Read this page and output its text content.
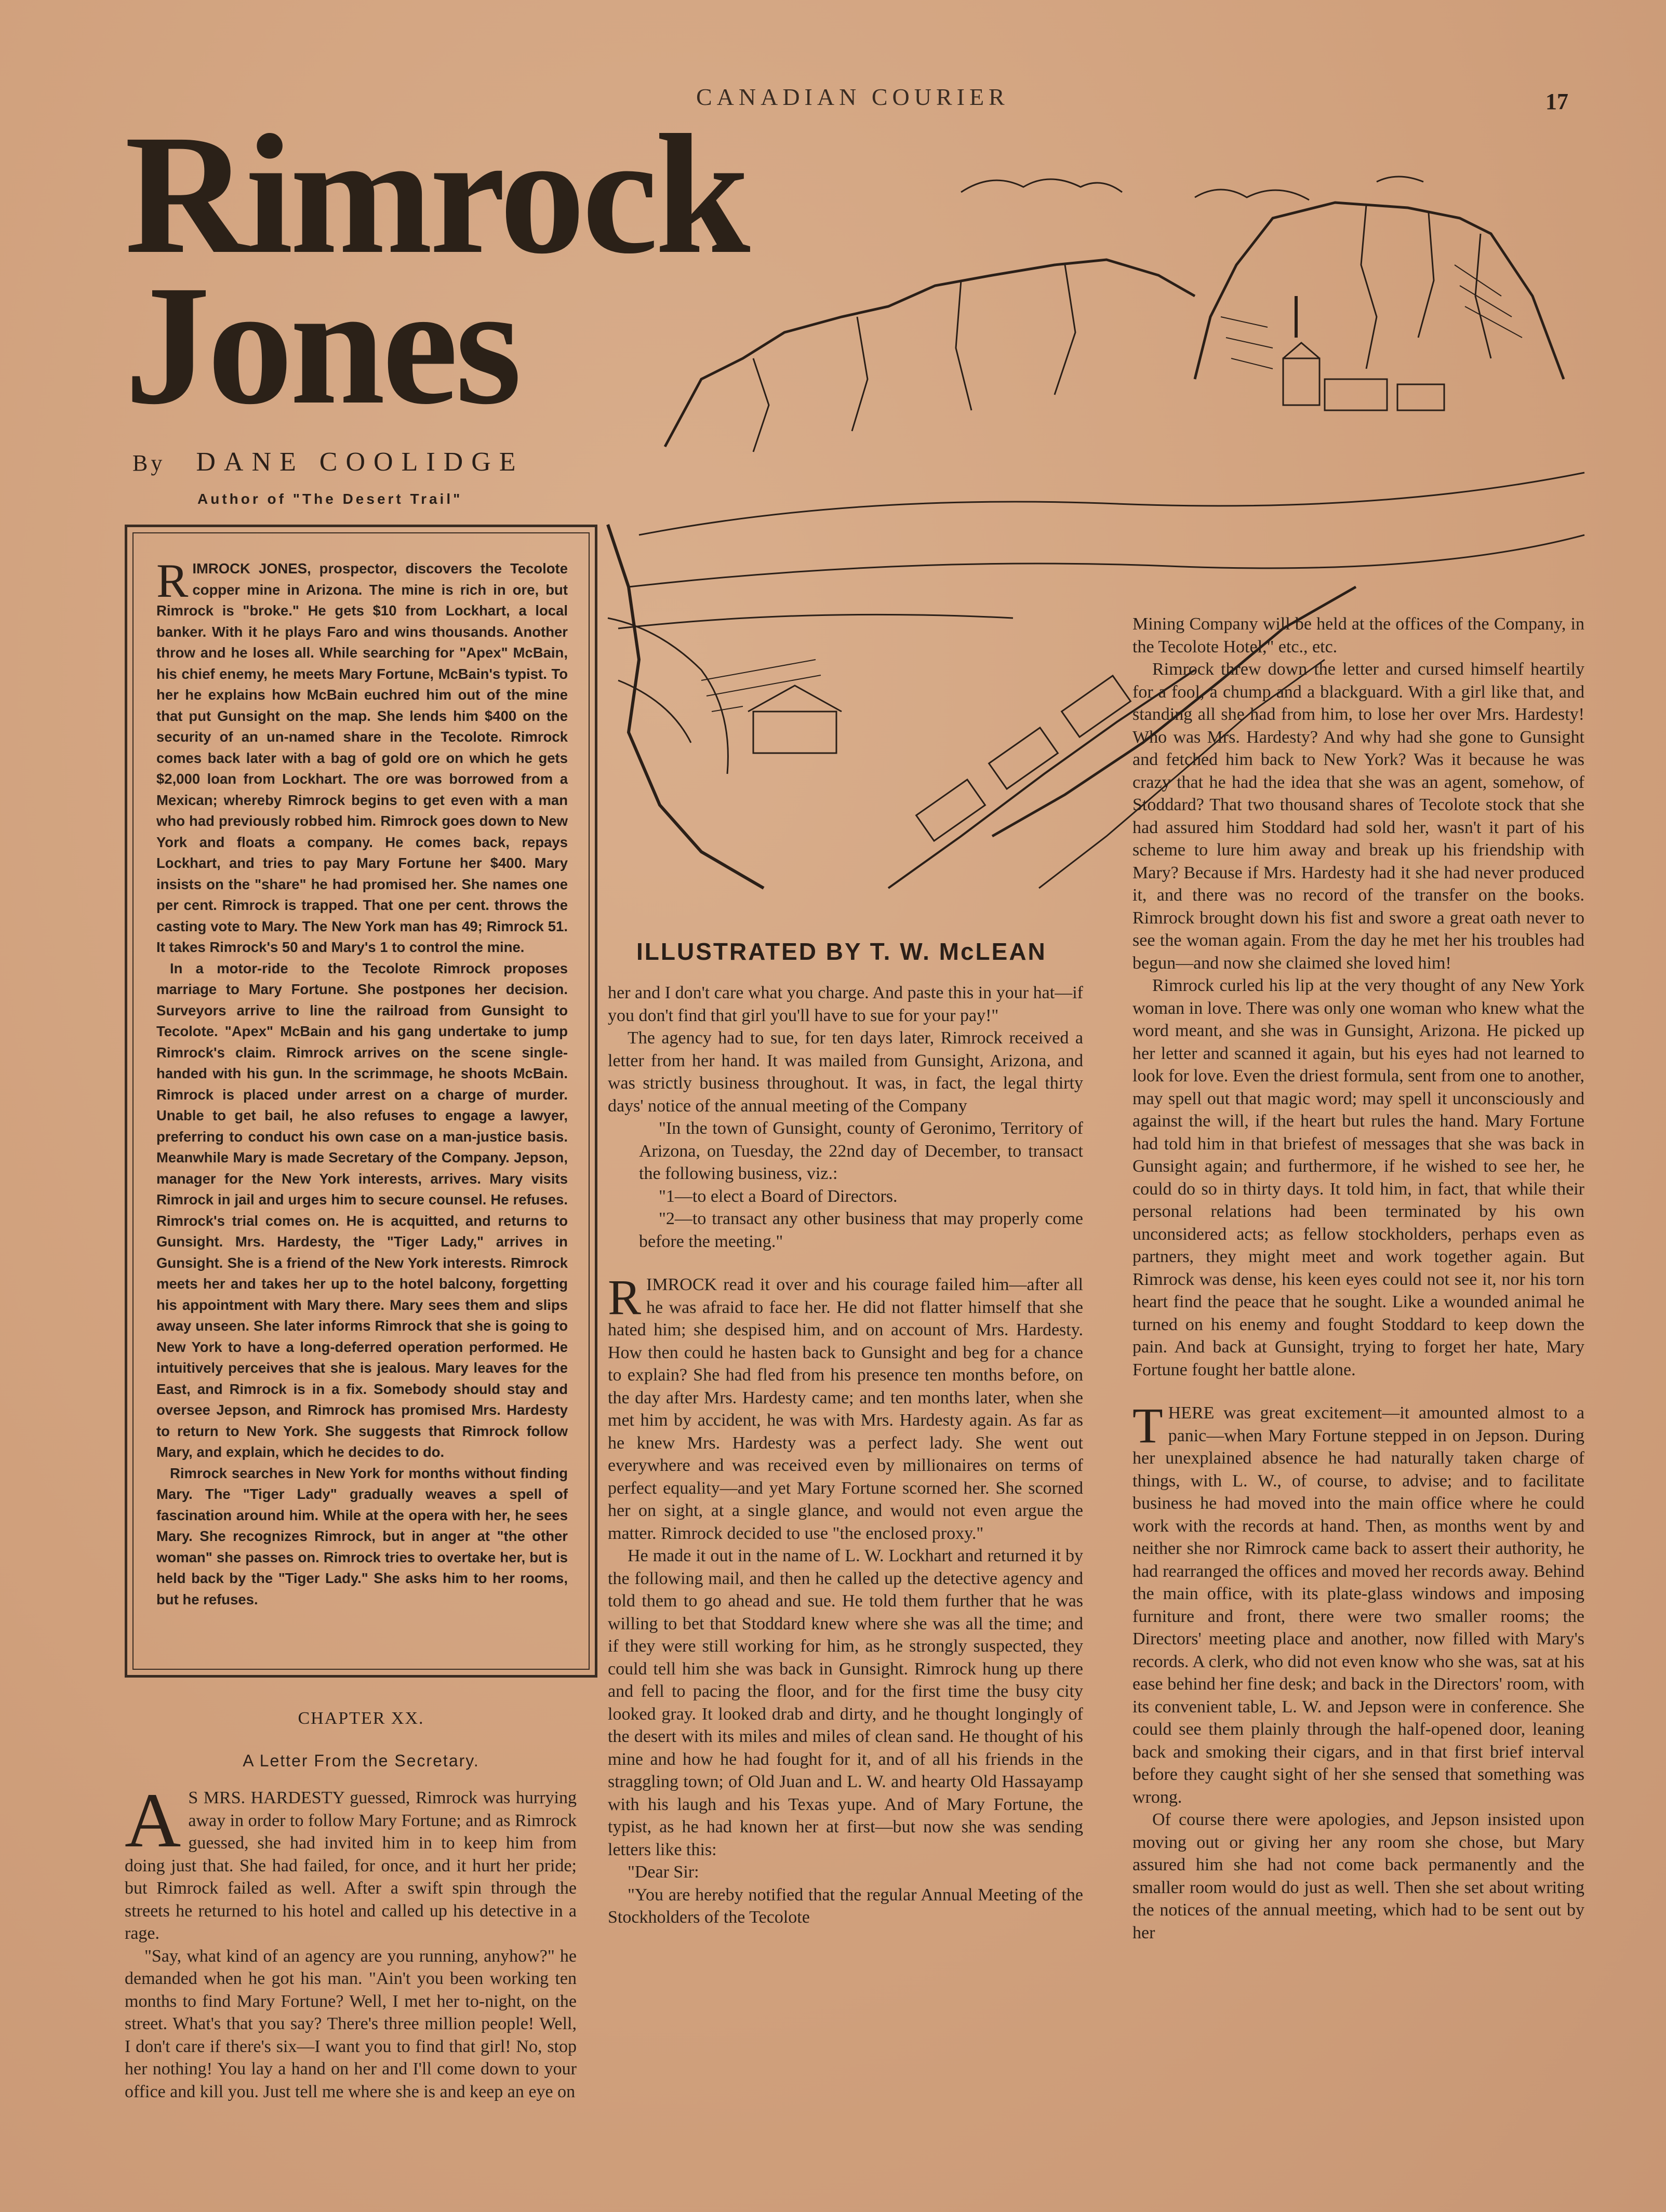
CANADIAN COURIER	17
Rimrock
Jones
By DANE COOLIDGE
Author of "The Desert Trail"
ILLUSTRATED BY T. W. McLEAN

RIMROCK JONES, prospector, discovers the Tecolote copper mine in Arizona. The mine is rich in ore, but Rimrock is "broke." He gets $10 from Lockhart, a local banker. With it he plays Faro and wins thousands. Another throw and he loses all. While searching for "Apex" McBain, his chief enemy, he meets Mary Fortune, McBain's typist. To her he explains how McBain euchred him out of the mine that put Gunsight on the map. She lends him $400 on the security of an un-named share in the Tecolote. Rimrock comes back later with a bag of gold ore on which he gets $2,000 loan from Lockhart. The ore was borrowed from a Mexican; whereby Rimrock begins to get even with a man who had previously robbed him. Rimrock goes down to New York and floats a company. He comes back, repays Lockhart, and tries to pay Mary Fortune her $400. Mary insists on the "share" he had promised her. She names one per cent. Rimrock is trapped. That one per cent. throws the casting vote to Mary. The New York man has 49; Rimrock 51. It takes Rimrock's 50 and Mary's 1 to control the mine.

In a motor-ride to the Tecolote Rimrock proposes marriage to Mary Fortune. She postpones her decision. Surveyors arrive to line the railroad from Gunsight to Tecolote. "Apex" McBain and his gang undertake to jump Rimrock's claim. Rimrock arrives on the scene single-handed with his gun. In the scrimmage, he shoots McBain. Rimrock is placed under arrest on a charge of murder. Unable to get bail, he also refuses to engage a lawyer, preferring to conduct his own case on a man-justice basis. Meanwhile Mary is made Secretary of the Company. Jepson, manager for the New York interests, arrives. Mary visits Rimrock in jail and urges him to secure counsel. He refuses. Rimrock's trial comes on. He is acquitted, and returns to Gunsight. Mrs. Hardesty, the "Tiger Lady," arrives in Gunsight. She is a friend of the New York interests. Rimrock meets her and takes her up to the hotel balcony, forgetting his appointment with Mary there. Mary sees them and slips away unseen. She later informs Rimrock that she is going to New York to have a long-deferred operation performed. He intuitively perceives that she is jealous. Mary leaves for the East, and Rimrock is in a fix. Somebody should stay and oversee Jepson, and Rimrock has promised Mrs. Hardesty to return to New York. She suggests that Rimrock follow Mary, and explain, which he decides to do.

Rimrock searches in New York for months without finding Mary. The "Tiger Lady" gradually weaves a spell of fascination around him. While at the opera with her, he sees Mary. She recognizes Rimrock, but in anger at "the other woman" she passes on. Rimrock tries to overtake her, but is held back by the "Tiger Lady." She asks him to her rooms, but he refuses.

CHAPTER XX.
A Letter From the Secretary.

A S MRS. HARDESTY guessed, Rimrock was hurrying away in order to follow Mary Fortune; and as Rimrock guessed, she had invited him in to keep him from doing just that. She had failed, for once, and it hurt her pride; but Rimrock failed as well. After a swift spin through the streets he returned to his hotel and called up his detective in a rage.

"Say, what kind of an agency are you running, anyhow?" he demanded when he got his man. "Ain't you been working ten months to find Mary Fortune? Well, I met her to-night, on the street. What's that you say? There's three million people! Well, I don't care if there's six—I want you to find that girl! No, stop her nothing! You lay a hand on her and I'll come down to your office and kill you. Just tell me where she is and keep an eye on

her and I don't care what you charge. And paste this in your hat—if you don't find that girl you'll have to sue for your pay!"

The agency had to sue, for ten days later, Rimrock received a letter from her hand. It was mailed from Gunsight, Arizona, and was strictly business throughout. It was, in fact, the legal thirty days' notice of the annual meeting of the Company

"In the town of Gunsight, county of Geronimo, Territory of Arizona, on Tuesday, the 22nd day of December, to transact the following business, viz.:

"1—to elect a Board of Directors.

"2—to transact any other business that may properly come before the meeting."

RIMROCK read it over and his courage failed him—after all he was afraid to face her. He did not flatter himself that she hated him; she despised him, and on account of Mrs. Hardesty. How then could he hasten back to Gunsight and beg for a chance to explain? She had fled from his presence ten months before, on the day after Mrs. Hardesty came; and ten months later, when she met him by accident, he was with Mrs. Hardesty again. As far as he knew Mrs. Hardesty was a perfect lady. She went out everywhere and was received even by millionaires on terms of perfect equality—and yet Mary Fortune scorned her. She scorned her on sight, at a single glance, and would not even argue the matter. Rimrock decided to use "the enclosed proxy."

He made it out in the name of L. W. Lockhart and returned it by the following mail, and then he called up the detective agency and told them to go ahead and sue. He told them further that he was willing to bet that Stoddard knew where she was all the time; and if they were still working for him, as he strongly suspected, they could tell him she was back in Gunsight. Rimrock hung up there and fell to pacing the floor, and for the first time the busy city looked gray. It looked drab and dirty, and he thought longingly of the desert with its miles and miles of clean sand. He thought of his mine and how he had fought for it, and of all his friends in the straggling town; of Old Juan and L. W. and hearty Old Hassayamp with his laugh and his Texas yupe. And of Mary Fortune, the typist, as he had known her at first—but now she was sending letters like this:

"Dear Sir:

"You are hereby notified that the regular Annual Meeting of the Stockholders of the Tecolote

Mining Company will be held at the offices of the Company, in the Tecolote Hotel," etc., etc.

Rimrock threw down the letter and cursed himself heartily for a fool, a chump and a blackguard. With a girl like that, and standing all she had from him, to lose her over Mrs. Hardesty! Who was Mrs. Hardesty? And why had she gone to Gunsight and fetched him back to New York? Was it because he was crazy that he had the idea that she was an agent, somehow, of Stoddard? That two thousand shares of Tecolote stock that she had assured him Stoddard had sold her, wasn't it part of his scheme to lure him away and break up his friendship with Mary? Because if Mrs. Hardesty had it she had never produced it, and there was no record of the transfer on the books. Rimrock brought down his fist and swore a great oath never to see the woman again. From the day he met her his troubles had begun—and now she claimed she loved him!

Rimrock curled his lip at the very thought of any New York woman in love. There was only one woman who knew what the word meant, and she was in Gunsight, Arizona. He picked up her letter and scanned it again, but his eyes had not learned to look for love. Even the driest formula, sent from one to another, may spell out that magic word; may spell it unconsciously and against the will, if the heart but rules the hand. Mary Fortune had told him in that briefest of messages that she was back in Gunsight again; and furthermore, if he wished to see her, he could do so in thirty days. It told him, in fact, that while their personal relations had been terminated by his own unconsidered acts; as fellow stockholders, perhaps even as partners, they might meet and work together again. But Rimrock was dense, his keen eyes could not see it, nor his torn heart find the peace that he sought. Like a wounded animal he turned on his enemy and fought Stoddard to keep down the pain. And back at Gunsight, trying to forget her hate, Mary Fortune fought her battle alone.

THERE was great excitement—it amounted almost to a panic—when Mary Fortune stepped in on Jepson. During her unexplained absence he had naturally taken charge of things, with L. W., of course, to advise; and to facilitate business he had moved into the main office where he could work with the records at hand. Then, as months went by and neither she nor Rimrock came back to assert their authority, he had rearranged the offices and moved her records away. Behind the main office, with its plate-glass windows and imposing furniture and front, there were two smaller rooms; the Directors' meeting place and another, now filled with Mary's records. A clerk, who did not even know who she was, sat at his ease behind her fine desk; and back in the Directors' room, with its convenient table, L. W. and Jepson were in conference. She could see them plainly through the half-opened door, leaning back and smoking their cigars, and in that first brief interval before they caught sight of her she sensed that something was wrong.

Of course there were apologies, and Jepson insisted upon moving out or giving her any room she chose, but Mary assured him she had not come back permanently and the smaller room would do just as well. Then she set about writing the notices of the annual meeting, which had to be sent out by her
